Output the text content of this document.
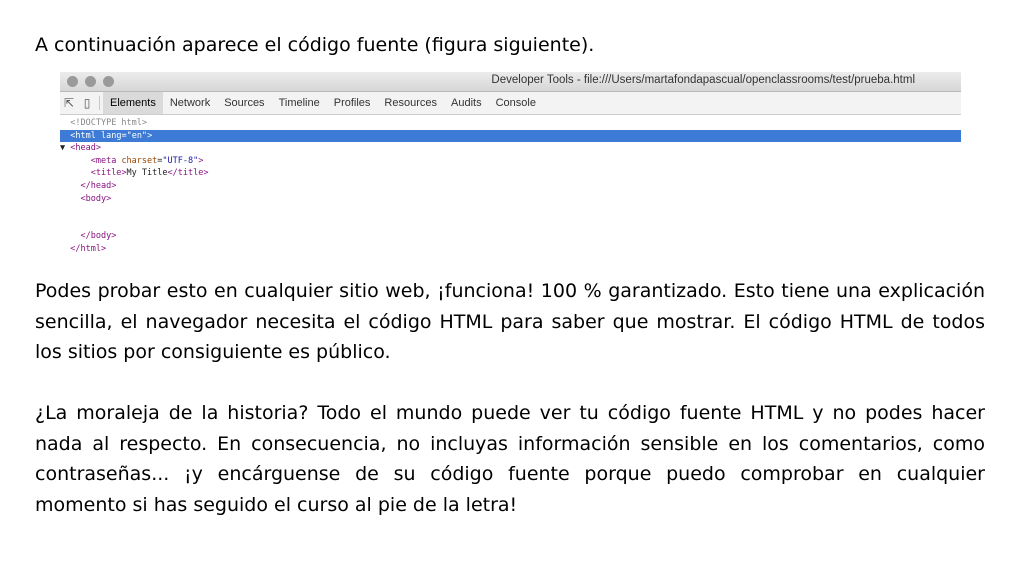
A continuación aparece el código fuente (figura siguiente).
Developer Tools - file:///Users/martafondapascual/openclassrooms/test/prueba.html
⇱ ▯	Elements	Network	Sources	Timeline	Profiles	Resources	Audits	Console
<!DOCTYPE html>
<html lang="en">
▼ <head>
<meta charset="UTF-8">
<title>My Title</title>
</head>
<body>

</body>
</html>
Podes probar esto en cualquier sitio web, ¡funciona! 100 % garantizado. Esto tiene una explicación sencilla, el navegador necesita el código HTML para saber que mostrar. El código HTML de todos los sitios por consiguiente es público.
¿La moraleja de la historia? Todo el mundo puede ver tu código fuente HTML y no podes hacer nada al respecto. En consecuencia, no incluyas información sensible en los comentarios, como contraseñas... ¡y encárguense de su código fuente porque puedo comprobar en cualquier momento si has seguido el curso al pie de la letra!
